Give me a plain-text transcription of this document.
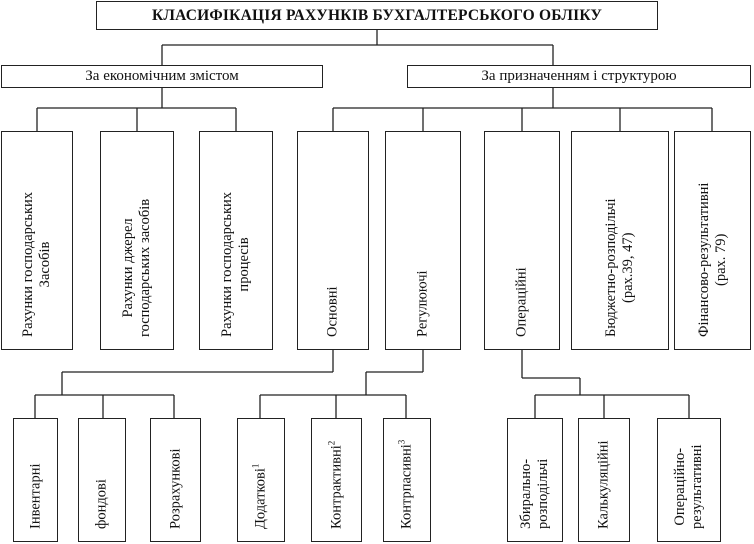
КЛАСИФІКАЦІЯ РАХУНКІВ БУХГАЛТЕРСЬКОГО ОБЛІКУ
За економічним змістом	За призначенням і структурою
Рахунки господарських
Засобів
Рахунки джерел
господарських засобів
Рахунки господарських
процесів
Основні	Регулюючі	Операційні	Бюджетно-розподільчі
(рах.39, 47)	Фінансово-результативні
(рах. 79)
Інвентарні	фондові	Розрахункові	Додаткові$^1$	Контрактивні$^2$
Контрпасивні$^3$
Збирально-
розподільчі	Калькуляційні	Операційно-
результативні
